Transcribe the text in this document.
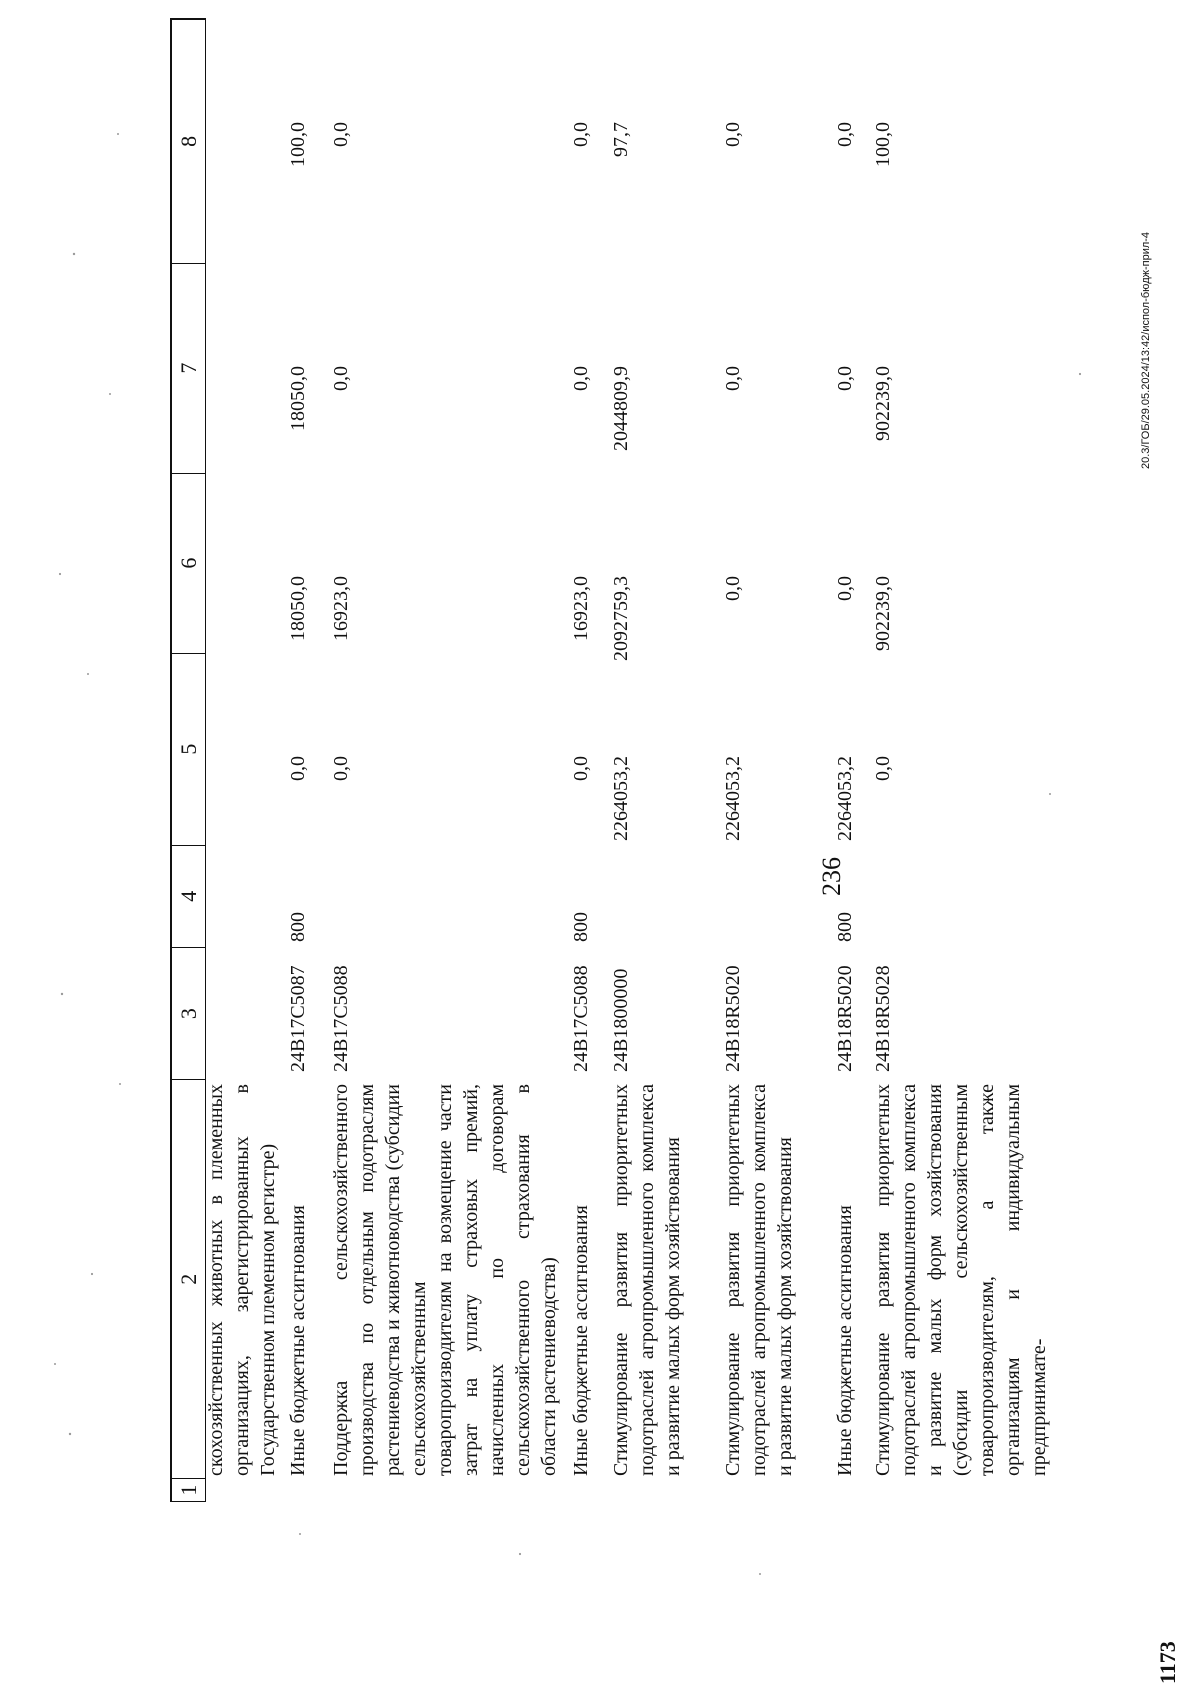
236
1
2
3
4
5
6
7
8
скохозяйственных животных в племенных организациях, зарегистрированных в Государственном племенном регистре) Иные бюджетные ассигнования
24В17С5087
800
0,0
18050,0
18050,0
100,0
Поддержка сельскохозяйственного производства по отдельным подотраслям растениеводства и животноводства (субсидии сельскохозяйственным товаропроизводителям на возмещение части затрат на уплату страховых премий, начисленных по договорам сельскохозяйственного страхования в области растениеводства)
24В17С5088
0,0
16923,0
0,0
0,0
Иные бюджетные ассигнования
24В17С5088
800
0,0
16923,0
0,0
0,0
Стимулирование развития приоритетных подотраслей агропромышленного комплекса и развитие малых форм хозяйствования
24В1800000
2264053,2
2092759,3
2044809,9
97,7
Стимулирование развития приоритетных подотраслей агропромышленного комплекса и развитие малых форм хозяйствования
24В18R5020
2264053,2
0,0
0,0
0,0
Иные бюджетные ассигнования
24В18R5020
800
2264053,2
0,0
0,0
0,0
Стимулирование развития приоритетных подотраслей агропромышленного комплекса и развитие малых форм хозяйствования (субсидии сельскохозяйственным товаропроизводителям, а также организациям и индивидуальным предпринимате-
24В18R5028
0,0
902239,0
902239,0
100,0
20.3/ГОБ/29.05.2024/13:42/испол-бюдж-прил-4
1173
